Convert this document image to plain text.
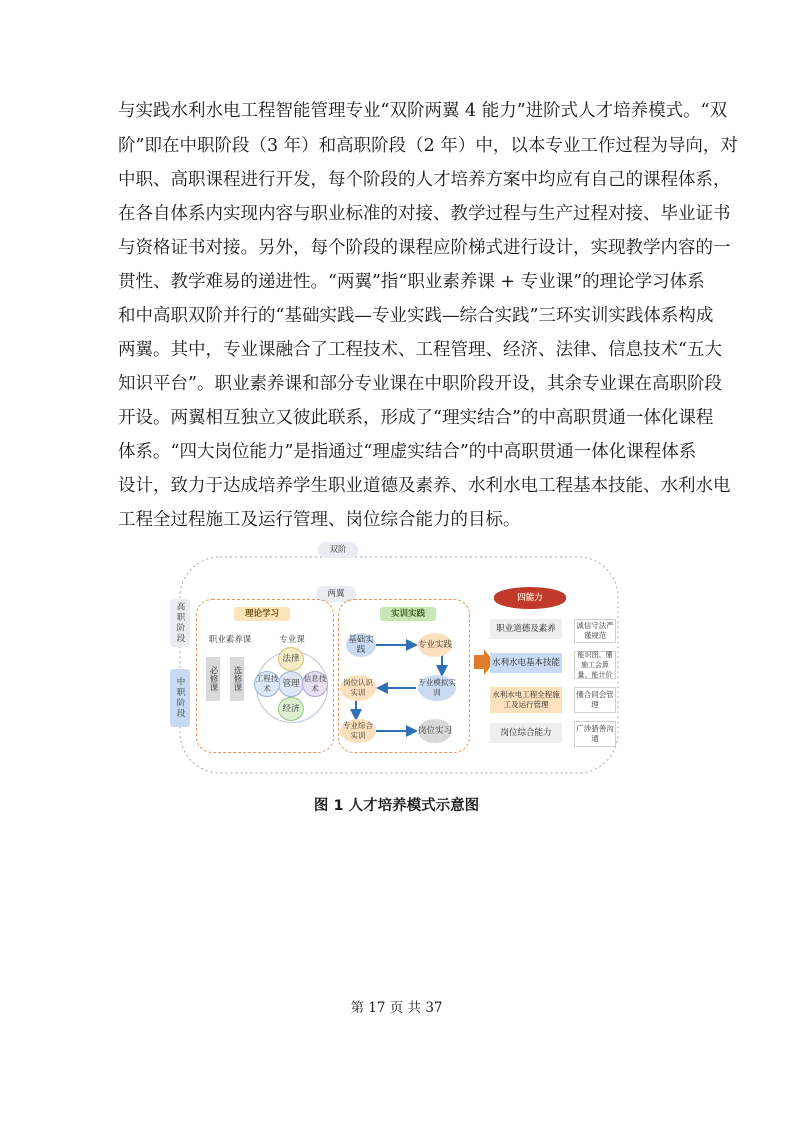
与实践水利水电工程智能管理专业“双阶两翼 4 能力”进阶式人才培养模式。“双
阶”即在中职阶段（3 年）和高职阶段（2 年）中，以本专业工作过程为导向，对
中职、高职课程进行开发，每个阶段的人才培养方案中均应有自己的课程体系，
在各自体系内实现内容与职业标准的对接、教学过程与生产过程对接、毕业证书
与资格证书对接。另外，每个阶段的课程应阶梯式进行设计，实现教学内容的一
贯性、教学难易的递进性。“两翼”指“职业素养课 + 专业课”的理论学习体系
和中高职双阶并行的“基础实践—专业实践—综合实践”三环实训实践体系构成
两翼。其中，专业课融合了工程技术、工程管理、经济、法律、信息技术“五大
知识平台”。职业素养课和部分专业课在中职阶段开设，其余专业课在高职阶段
开设。两翼相互独立又彼此联系，形成了“理实结合”的中高职贯通一体化课程
体系。“四大岗位能力”是指通过“理虚实结合”的中高职贯通一体化课程体系
设计，致力于达成培养学生职业道德及素养、水利水电工程基本技能、水利水电
工程全过程施工及运行管理、岗位综合能力的目标。
双阶
两翼
高职阶段
中职阶段
理论学习
职业素养课	专业课
必修课 选修课	管理
法律
工程技术
信息技术
经济
实训实践
基础实践	专业实践
专业模拟实训
岗位认识实训
专业综合实训	岗位实习
四能力
职业道德及素养
水利水电基本技能
水利水电工程全程施工及运行管理
岗位综合能力
诚信守法严谨规范
能识图、懂施工会算量、能计价
懂合同会管理
广涉猎善沟通
图 1 人才培养模式示意图
第 17 页 共 37
